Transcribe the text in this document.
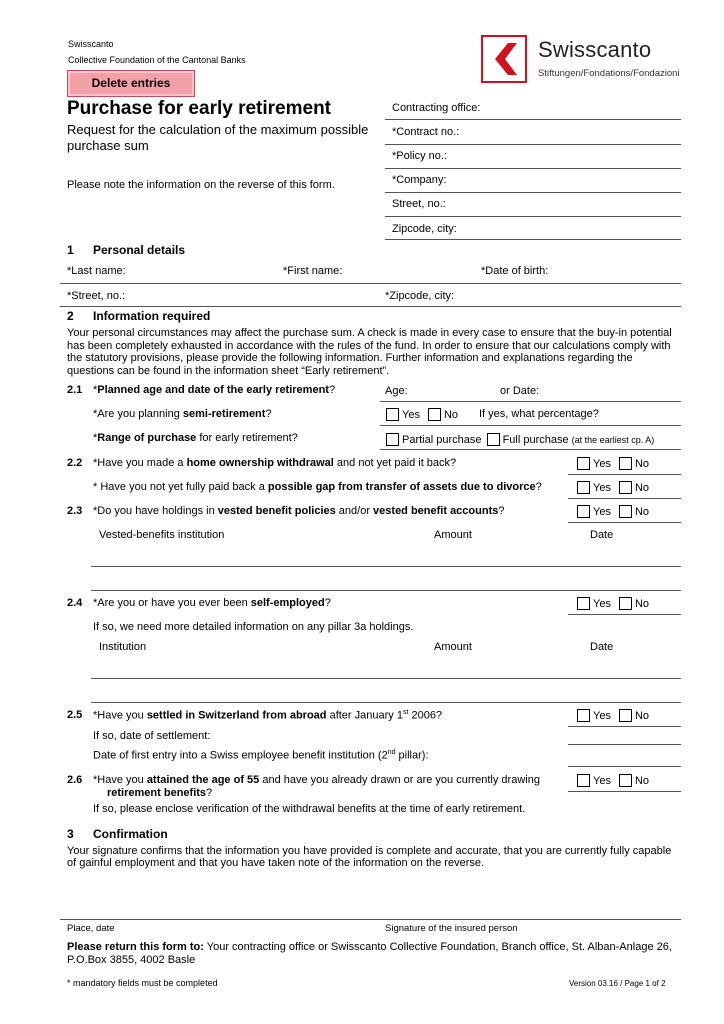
Swisscanto
Collective Foundation of the Cantonal Banks
Delete entries
Swisscanto
Stiftungen/Fondations/Fondazioni
Purchase for early retirement
Request for the calculation of the maximum possible
purchase sum
Please note the information on the reverse of this form.
Contracting office:
*Contract no.:
*Policy no.:
*Company:
Street, no.:
Zipcode, city:
1 Personal details
*Last name:	*First name:	*Date of birth:
*Street, no.:	*Zipcode, city:
2 Information required
Your personal circumstances may affect the purchase sum. A check is made in every case to ensure that the buy-in potential
has been completely exhausted in accordance with the rules of the fund. In order to ensure that our calculations comply with
the statutory provisions, please provide the following information. Further information and explanations regarding the
questions can be found in the information sheet “Early retirement”.
2.1 *Planned age and date of the early retirement?	Age:	or Date:
*Are you planning semi-retirement?	Yes No If yes, what percentage?
*Range of purchase for early retirement?	Partial purchase
Full purchase
(at the earliest cp. A)
2.2 *Have you made a home ownership withdrawal and not yet paid it back?	Yes No
* Have you not yet fully paid back a possible gap from transfer of assets due to divorce?	Yes No
2.3 *Do you have holdings in vested benefit policies and/or vested benefit accounts?	Yes No
Vested-benefits institution	Amount	Date
2.4 *Are you or have you ever been self-employed?	Yes No
If so, we need more detailed information on any pillar 3a holdings.
Institution	Amount	Date
2.5 *Have you settled in Switzerland from abroad after January 1st 2006?	Yes No
If so, date of settlement:
Date of first entry into a Swiss employee benefit institution (2nd pillar):
2.6 *Have you attained the age of 55 and have you already drawn or are you currently drawing
retirement benefits?
Yes No
If so, please enclose verification of the withdrawal benefits at the time of early retirement.
3 Confirmation
Your signature confirms that the information you have provided is complete and accurate, that you are currently fully capable
of gainful employment and that you have taken note of the information on the reverse.
Place, date	Signature of the insured person
Please return this form to: Your contracting office or Swisscanto Collective Foundation, Branch office, St. Alban-Anlage 26,
P.O.Box 3855, 4002 Basle
* mandatory fields must be completed	Version 03.16 / Page 1 of 2
